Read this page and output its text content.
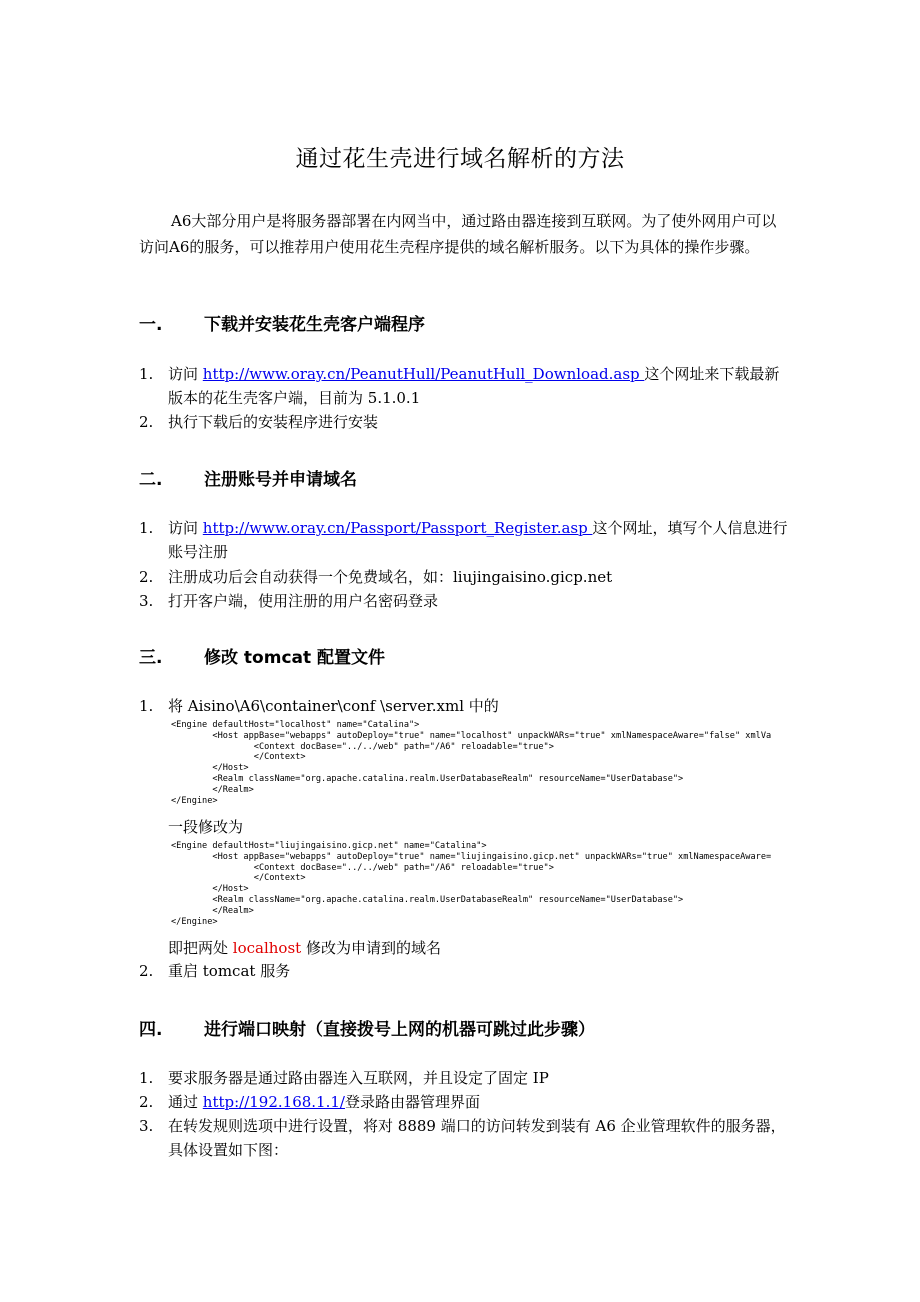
通过花生壳进行域名解析的方法
A6大部分用户是将服务器部署在内网当中，通过路由器连接到互联网。为了使外网用户可以访问A6的服务，可以推荐用户使用花生壳程序提供的域名解析服务。以下为具体的操作步骤。
一. 下载并安装花生壳客户端程序
1. 访问 http://www.oray.cn/PeanutHull/PeanutHull_Download.asp 这个网址来下载最新版本的花生壳客户端，目前为 5.1.0.1
2. 执行下载后的安装程序进行安装
二. 注册账号并申请域名
1. 访问 http://www.oray.cn/Passport/Passport_Register.asp 这个网址，填写个人信息进行账号注册
2. 注册成功后会自动获得一个免费域名，如：liujingaisino.gicp.net
3. 打开客户端，使用注册的用户名密码登录
三. 修改 tomcat 配置文件
1. 将 Aisino\A6\container\conf \server.xml 中的
<Engine defaultHost="localhost" name="Catalina">
<Host appBase="webapps" autoDeploy="true" name="localhost" unpackWARs="true" xmlNamespaceAware="false" xmlVa
<Context docBase="../../web" path="/A6" reloadable="true">
</Context>
</Host>
<Realm className="org.apache.catalina.realm.UserDatabaseRealm" resourceName="UserDatabase">
</Realm>
</Engine>
一段修改为
<Engine defaultHost="liujingaisino.gicp.net" name="Catalina">
<Host appBase="webapps" autoDeploy="true" name="liujingaisino.gicp.net" unpackWARs="true" xmlNamespaceAware=
<Context docBase="../../web" path="/A6" reloadable="true">
</Context>
</Host>
<Realm className="org.apache.catalina.realm.UserDatabaseRealm" resourceName="UserDatabase">
</Realm>
</Engine>
即把两处 localhost 修改为申请到的域名
2. 重启 tomcat 服务
四. 进行端口映射（直接拨号上网的机器可跳过此步骤）
1. 要求服务器是通过路由器连入互联网，并且设定了固定 IP
2. 通过 http://192.168.1.1/登录路由器管理界面
3. 在转发规则选项中进行设置，将对 8889 端口的访问转发到装有 A6 企业管理软件的服务器，具体设置如下图：
